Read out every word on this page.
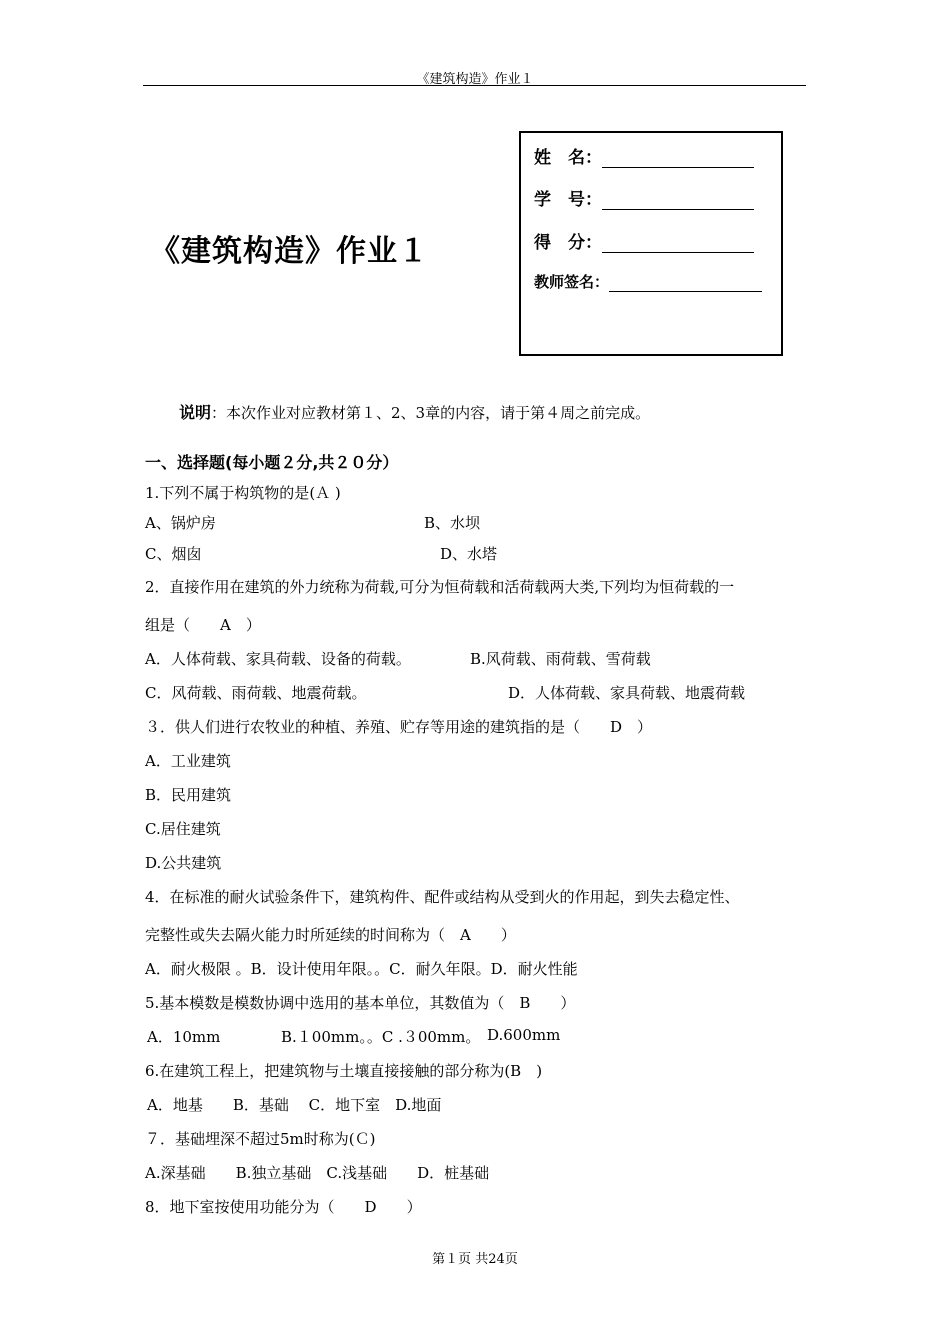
《建筑构造》作业１
《建筑构造》作业１
姓　名：
学　号：
得　分：
教师签名：
说明：本次作业对应教材第１、2、3章的内容，请于第４周之前完成。
一、选择题(每小题２分,共２０分）
1.下列不属于构筑物的是(Ａ )
A、锅炉房	B、水坝
C、烟囱	D、水塔
2．直接作用在建筑的外力统称为荷载,可分为恒荷载和活荷载两大类,下列均为恒荷载的一
组是（　　A　）
A．人体荷载、家具荷载、设备的荷载。	B.风荷载、雨荷载、雪荷载
C．风荷载、雨荷载、地震荷载。	D．人体荷载、家具荷载、地震荷载
３．供人们进行农牧业的种植、养殖、贮存等用途的建筑指的是（　　D　）
A．工业建筑
B．民用建筑
C.居住建筑
D.公共建筑
4．在标准的耐火试验条件下，建筑构件、配件或结构从受到火的作用起，到失去稳定性、
完整性或失去隔火能力时所延续的时间称为（　A　　）
A．耐火极限 。B．设计使用年限。。C．耐久年限。D．耐火性能
5.基本模数是模数协调中选用的基本单位，其数值为（　B　　）
A．10mm	B.１00mm。。C .３00mm。 D.600mm
6.在建筑工程上，把建筑物与土壤直接接触的部分称为(B　)
A．地基　　B．基础　 C．地下室　D.地面
７．基础埋深不超过5m时称为(Ｃ)
A.深基础　　B.独立基础　C.浅基础　　D．桩基础
8．地下室按使用功能分为（　　D　　）
第１页 共24页
